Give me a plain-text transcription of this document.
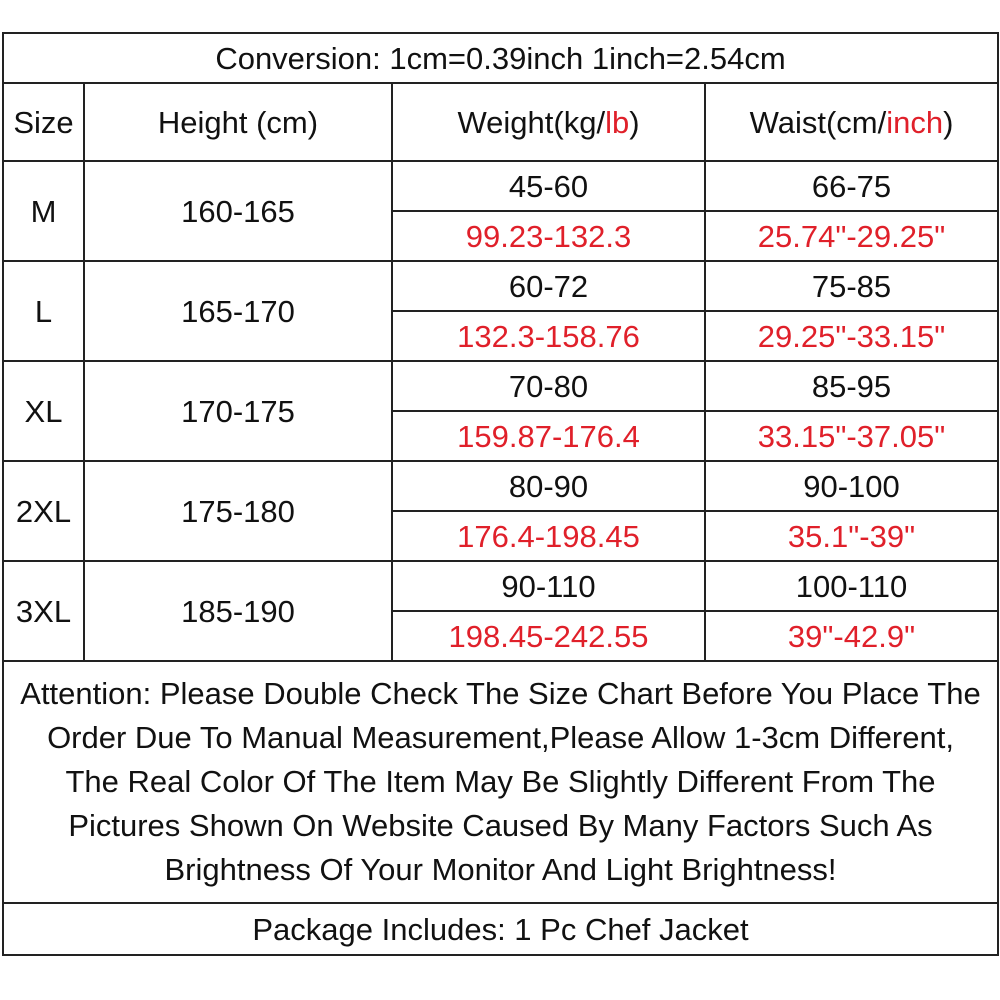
Conversion: 1cm=0.39inch 1inch=2.54cm			
Size	Height (cm)	Weight(kg/lb)	Waist(cm/inch)
M	160-165	45-60	66-75
		99.23-132.3	25.74"-29.25"
L	165-170	60-72	75-85
		132.3-158.76	29.25"-33.15"
XL	170-175	70-80	85-95
		159.87-176.4	33.15"-37.05"
2XL	175-180	80-90	90-100
		176.4-198.45	35.1"-39"
3XL	185-190	90-110	100-110
		198.45-242.55	39"-42.9"

Attention: Please Double Check The Size Chart Before You Place The Order Due To Manual Measurement,Please Allow 1-3cm Different, The Real Color Of The Item May Be Slightly Different From The Pictures Shown On Website Caused By Many Factors Such As Brightness Of Your Monitor And Light Brightness!			

Package Includes: 1 Pc Chef Jacket			
